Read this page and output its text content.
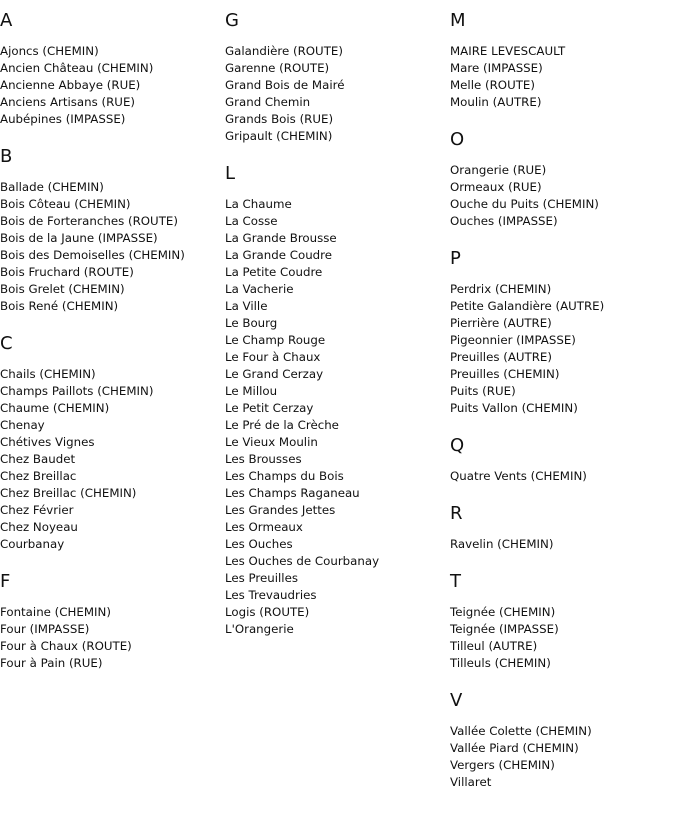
A
Ajoncs (CHEMIN)
Ancien Château (CHEMIN)
Ancienne Abbaye (RUE)
Anciens Artisans (RUE)
Aubépines (IMPASSE)
B
Ballade (CHEMIN)
Bois Côteau (CHEMIN)
Bois de Forteranches (ROUTE)
Bois de la Jaune (IMPASSE)
Bois des Demoiselles (CHEMIN)
Bois Fruchard (ROUTE)
Bois Grelet (CHEMIN)
Bois René (CHEMIN)
C
Chails (CHEMIN)
Champs Paillots (CHEMIN)
Chaume (CHEMIN)
Chenay
Chétives Vignes
Chez Baudet
Chez Breillac
Chez Breillac (CHEMIN)
Chez Février
Chez Noyeau
Courbanay
F
Fontaine (CHEMIN)
Four (IMPASSE)
Four à Chaux (ROUTE)
Four à Pain (RUE)
G
Galandière (ROUTE)
Garenne (ROUTE)
Grand Bois de Mairé
Grand Chemin
Grands Bois (RUE)
Gripault (CHEMIN)
L
La Chaume
La Cosse
La Grande Brousse
La Grande Coudre
La Petite Coudre
La Vacherie
La Ville
Le Bourg
Le Champ Rouge
Le Four à Chaux
Le Grand Cerzay
Le Millou
Le Petit Cerzay
Le Pré de la Crèche
Le Vieux Moulin
Les Brousses
Les Champs du Bois
Les Champs Raganeau
Les Grandes Jettes
Les Ormeaux
Les Ouches
Les Ouches de Courbanay
Les Preuilles
Les Trevaudries
Logis (ROUTE)
L'Orangerie
M
MAIRE LEVESCAULT
Mare (IMPASSE)
Melle (ROUTE)
Moulin (AUTRE)
O
Orangerie (RUE)
Ormeaux (RUE)
Ouche du Puits (CHEMIN)
Ouches (IMPASSE)
P
Perdrix (CHEMIN)
Petite Galandière (AUTRE)
Pierrière (AUTRE)
Pigeonnier (IMPASSE)
Preuilles (AUTRE)
Preuilles (CHEMIN)
Puits (RUE)
Puits Vallon (CHEMIN)
Q
Quatre Vents (CHEMIN)
R
Ravelin (CHEMIN)
T
Teignée (CHEMIN)
Teignée (IMPASSE)
Tilleul (AUTRE)
Tilleuls (CHEMIN)
V
Vallée Colette (CHEMIN)
Vallée Piard (CHEMIN)
Vergers (CHEMIN)
Villaret
